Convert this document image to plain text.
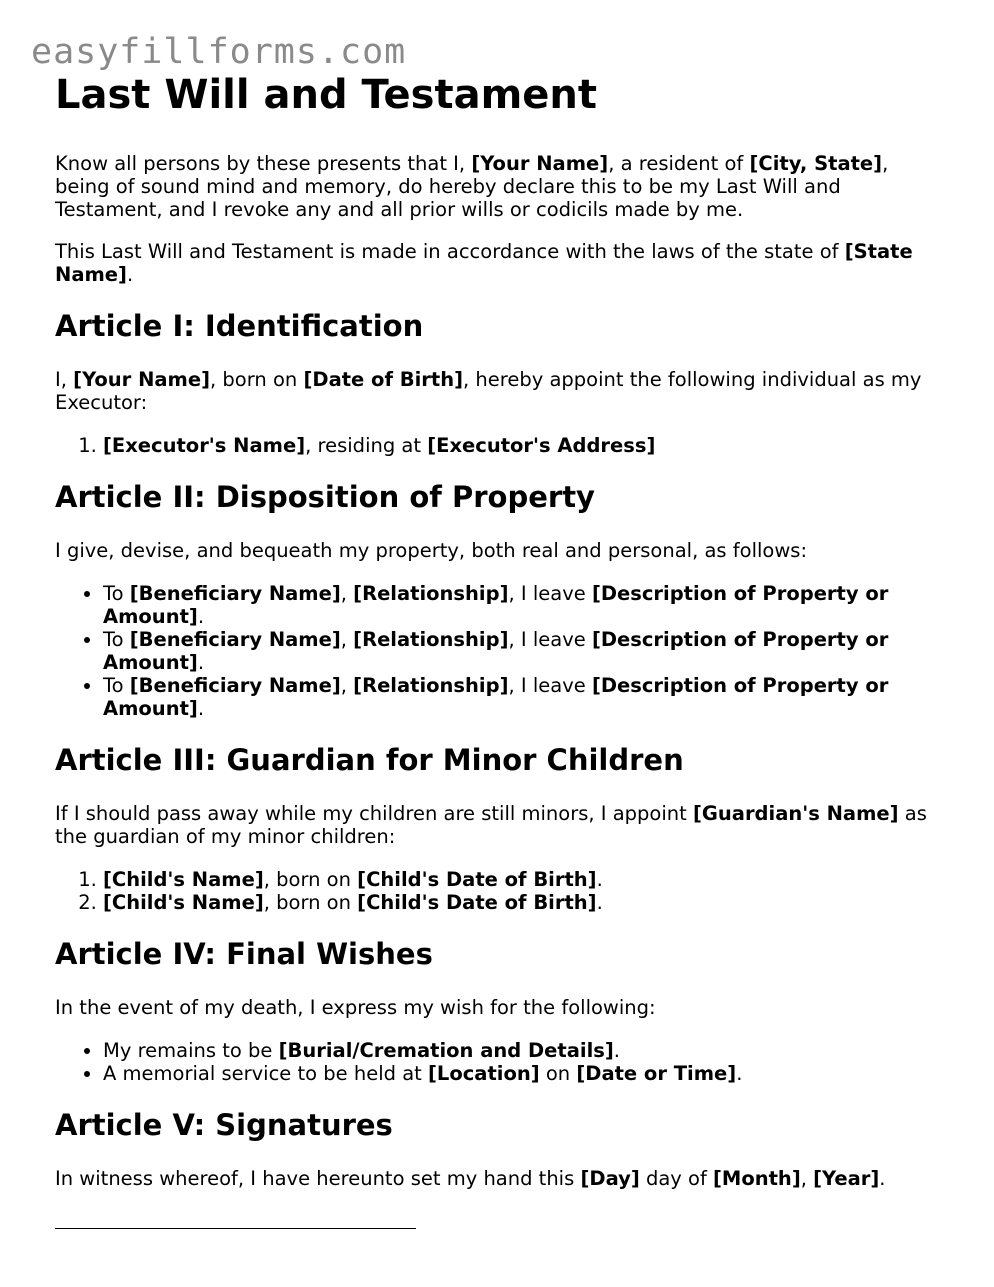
easyfillforms.com
Last Will and Testament

Know all persons by these presents that I, [Your Name], a resident of [City, State], being of sound mind and memory, do hereby declare this to be my Last Will and Testament, and I revoke any and all prior wills or codicils made by me.

This Last Will and Testament is made in accordance with the laws of the state of [State Name].

Article I: Identification

I, [Your Name], born on [Date of Birth], hereby appoint the following individual as my Executor:

1. [Executor's Name], residing at [Executor's Address]
Article II: Disposition of Property

I give, devise, and bequeath my property, both real and personal, as follows:

• To [Beneficiary Name], [Relationship], I leave [Description of Property or Amount].
• To [Beneficiary Name], [Relationship], I leave [Description of Property or Amount].
• To [Beneficiary Name], [Relationship], I leave [Description of Property or Amount].
Article III: Guardian for Minor Children

If I should pass away while my children are still minors, I appoint [Guardian's Name] as the guardian of my minor children:

1. [Child's Name], born on [Child's Date of Birth].
2. [Child's Name], born on [Child's Date of Birth].
Article IV: Final Wishes

In the event of my death, I express my wish for the following:

• My remains to be [Burial/Cremation and Details].
• A memorial service to be held at [Location] on [Date or Time].
Article V: Signatures

In witness whereof, I have hereunto set my hand this [Day] day of [Month], [Year].
